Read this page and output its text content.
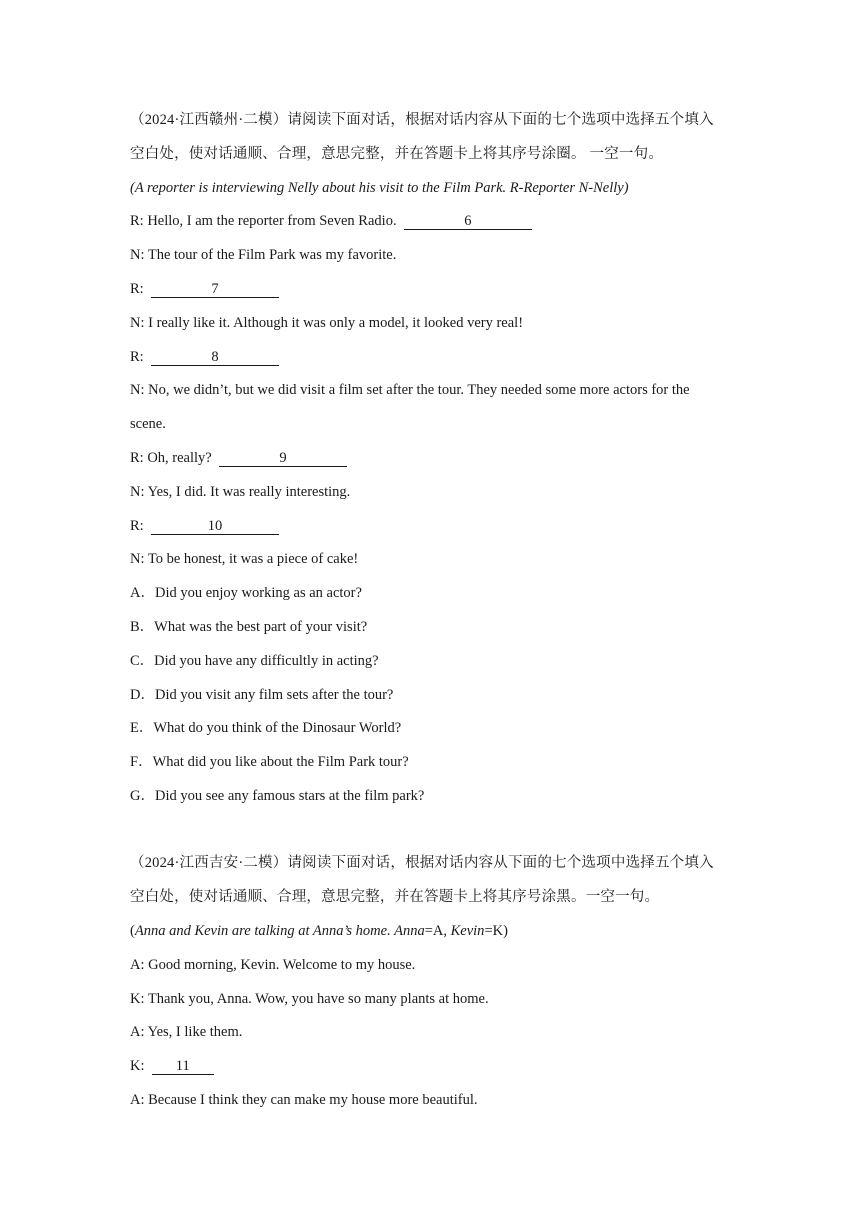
（2024·江西赣州·二模）请阅读下面对话，根据对话内容从下面的七个选项中选择五个填入
空白处，使对话通顺、合理，意思完整，并在答题卡上将其序号涂圈。 一空一句。
(A reporter is interviewing Nelly about his visit to the Film Park. R-Reporter N-Nelly)
R: Hello, I am the reporter from Seven Radio.	6
N: The tour of the Film Park was my favorite.
R:	7
N: I really like it. Although it was only a model, it looked very real!
R:	8
N: No, we didn’t, but we did visit a film set after the tour. They needed some more actors for the
scene.
R: Oh, really?	9
N: Yes, I did. It was really interesting.
R:	10
N: To be honest, it was a piece of cake!
A．Did you enjoy working as an actor?
B．What was the best part of your visit?
C．Did you have any difficultly in acting?
D．Did you visit any film sets after the tour?
E．What do you think of the Dinosaur World?
F．What did you like about the Film Park tour?
G．Did you see any famous stars at the film park?
（2024·江西吉安·二模）请阅读下面对话，根据对话内容从下面的七个选项中选择五个填入
空白处，使对话通顺、合理，意思完整，并在答题卡上将其序号涂黑。一空一句。
(Anna and Kevin are talking at Anna’s home. Anna=A, Kevin=K)
A: Good morning, Kevin. Welcome to my house.
K: Thank you, Anna. Wow, you have so many plants at home.
A: Yes, I like them.
K: 11
A: Because I think they can make my house more beautiful.
